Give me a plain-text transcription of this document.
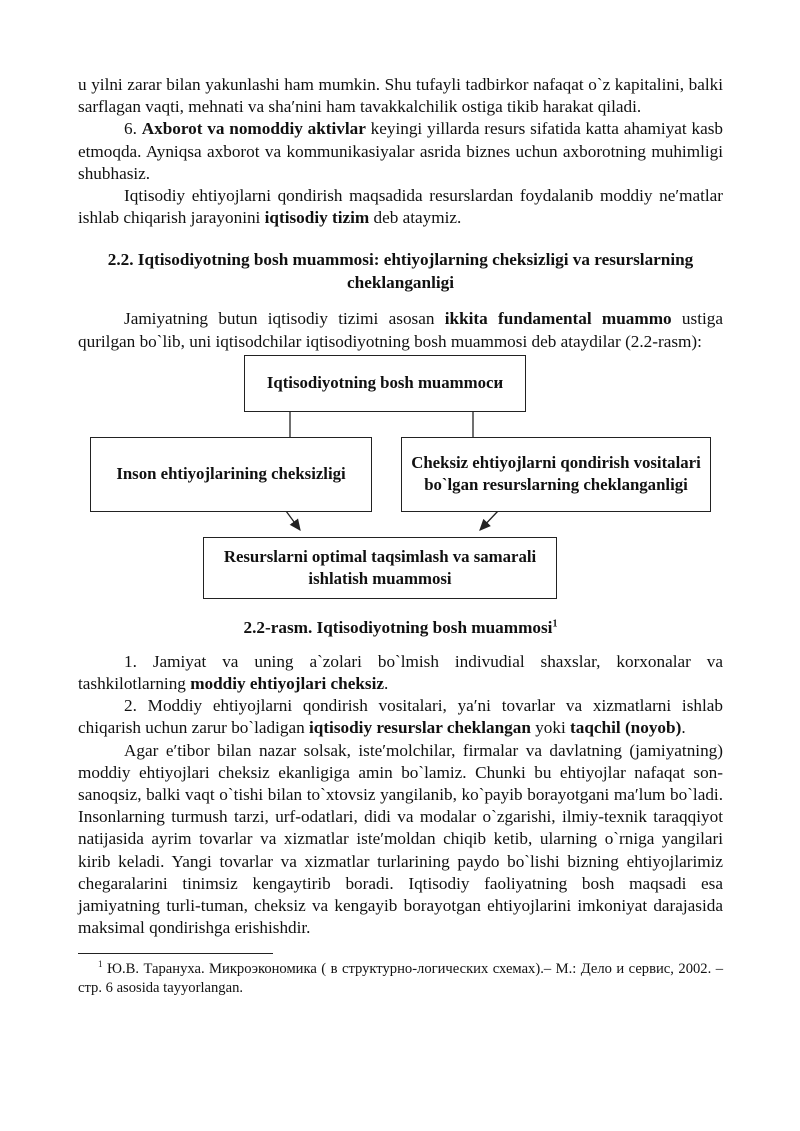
u yilni zarar bilan yakunlashi ham mumkin. Shu tufayli tadbirkor nafaqat o`z kapitalini, balki sarflagan vaqti, mehnati va sha′nini ham tavakkalchilik ostiga tikib harakat qiladi.

6. Axborot va nomoddiy aktivlar keyingi yillarda resurs sifatida katta ahamiyat kasb etmoqda. Ayniqsa axborot va kommunikasiyalar asrida biznes uchun axborotning muhimligi shubhasiz.

Iqtisodiy ehtiyojlarni qondirish maqsadida resurslardan foydalanib moddiy ne′matlar ishlab chiqarish jarayonini iqtisodiy tizim deb ataymiz.

2.2. Iqtisodiyotning bosh muammosi: ehtiyojlarning cheksizligi va resurslarning cheklanganligi

Jamiyatning butun iqtisodiy tizimi asosan ikkita fundamental muammo ustiga qurilgan bo`lib, uni iqtisodchilar iqtisodiyotning bosh muammosi deb ataydilar (2.2-rasm):

Iqtisodiyotning bosh muammoси
Inson ehtiyojlarining cheksizligi
Cheksiz ehtiyojlarni qondirish vositalari bo`lgan resurslarning cheklanganligi
Resurslarni optimal taqsimlash va samarali ishlatish muammosi
2.2-rasm. Iqtisodiyotning bosh muammosi$^1$

1. Jamiyat va uning a`zolari bo`lmish indivudial shaxslar, korxonalar va tashkilotlarning moddiy ehtiyojlari cheksiz.

2. Moddiy ehtiyojlarni qondirish vositalari, ya′ni tovarlar va xizmatlarni ishlab chiqarish uchun zarur bo`ladigan iqtisodiy resurslar cheklangan yoki taqchil (noyob).

Agar e′tibor bilan nazar solsak, iste′molchilar, firmalar va davlatning (jamiyatning) moddiy ehtiyojlari cheksiz ekanligiga amin bo`lamiz. Chunki bu ehtiyojlar nafaqat son-sanoqsiz, balki vaqt o`tishi bilan to`xtovsiz yangilanib, ko`payib borayotgani ma′lum bo`ladi. Insonlarning turmush tarzi, urf-odatlari, didi va modalar o`zgarishi, ilmiy-texnik taraqqiyot natijasida ayrim tovarlar va xizmatlar iste′moldan chiqib ketib, ularning o`rniga yangilari kirib keladi. Yangi tovarlar va xizmatlar turlarining paydo bo`lishi bizning ehtiyojlarimiz chegaralarini tinimsiz kengaytirib boradi. Iqtisodiy faoliyatning bosh maqsadi esa jamiyatning turli-tuman, cheksiz va kengayib borayotgan ehtiyojlarini imkoniyat darajasida maksimal qondirishga erishishdir.

$^1$ Ю.В. Тарануха. Микроэкономика ( в структурно-логических схемах).– М.: Дело и сервис, 2002. – стр. 6 asosida tayyorlangan.
